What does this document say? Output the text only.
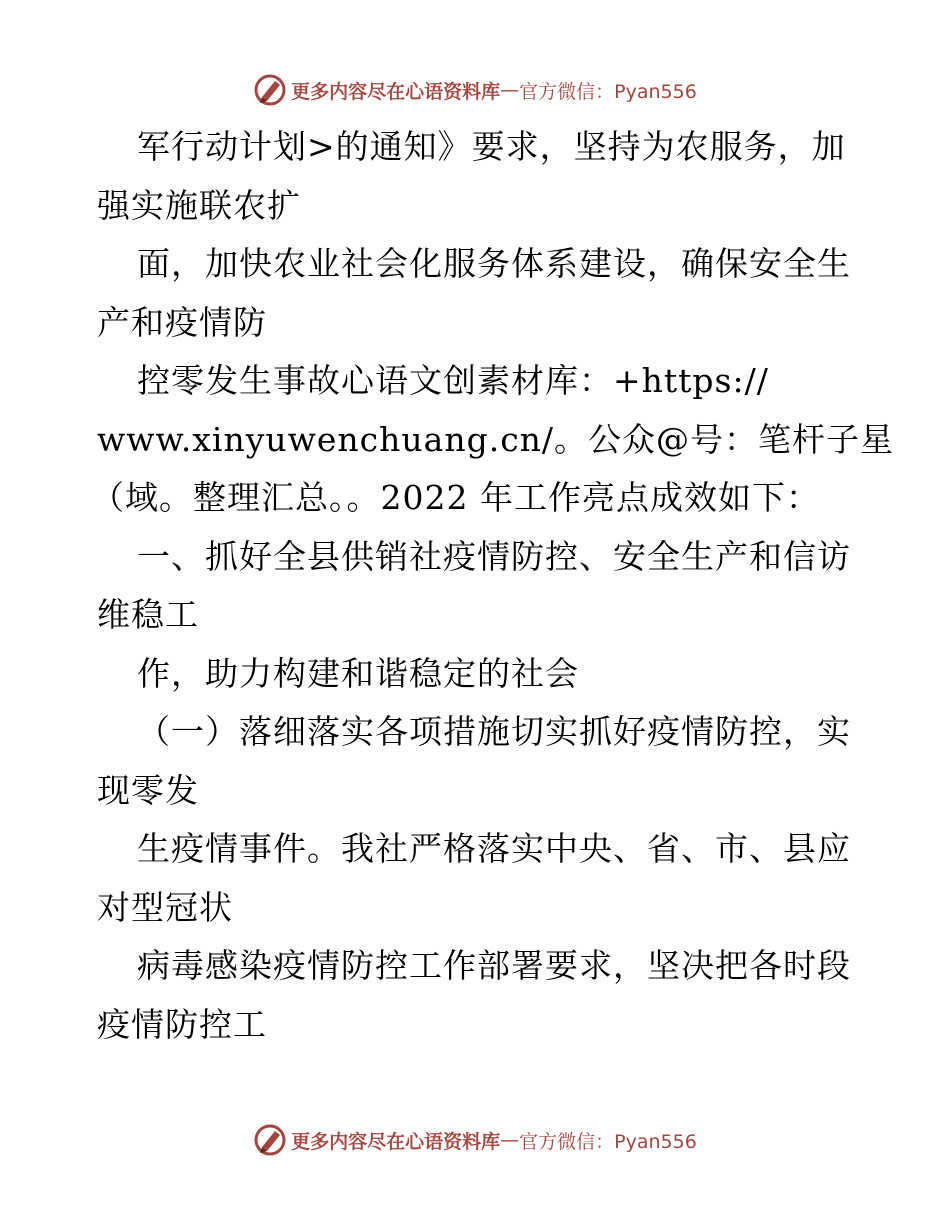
更多内容尽在心语资料库 — 官方微信：Pyan556
军行动计划>的通知》要求，坚持为农服务，加
强实施联农扩
面，加快农业社会化服务体系建设，确保安全生
产和疫情防
控零发生事故心语文创素材库：+https://
www.xinyuwenchuang.cn/。公众@号：笔杆子星
（域。整理汇总。。2022 年工作亮点成效如下：
一、抓好全县供销社疫情防控、安全生产和信访
维稳工
作，助力构建和谐稳定的社会
（一）落细落实各项措施切实抓好疫情防控，实
现零发
生疫情事件。我社严格落实中央、省、市、县应
对型冠状
病毒感染疫情防控工作部署要求，坚决把各时段
疫情防控工
更多内容尽在心语资料库 — 官方微信：Pyan556
